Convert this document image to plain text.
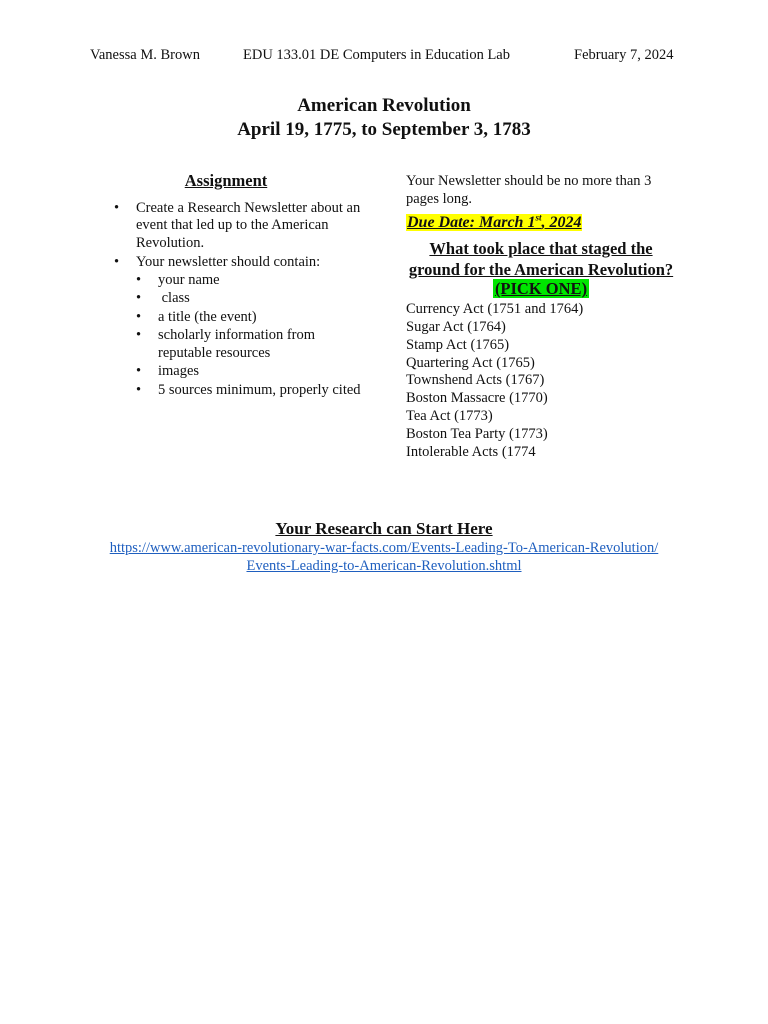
Vanessa M. Brown	EDU 133.01 DE Computers in Education Lab	February 7, 2024
American Revolution
April 19, 1775, to September 3, 1783
Assignment
• Create a Research Newsletter about an event that led up to the American Revolution.
• Your newsletter should contain:
• your name
•  class
• a title (the event)
• scholarly information from reputable resources
• images
• 5 sources minimum, properly cited
Your Newsletter should be no more than 3 pages long.
Due Date: March 1st, 2024
What took place that staged the ground for the American Revolution?
(PICK ONE)
Currency Act (1751 and 1764)
Sugar Act (1764)
Stamp Act (1765)
Quartering Act (1765)
Townshend Acts (1767)
Boston Massacre (1770)
Tea Act (1773)
Boston Tea Party (1773)
Intolerable Acts (1774
Your Research can Start Here
https://www.american-revolutionary-war-facts.com/Events-Leading-To-American-Revolution/
Events-Leading-to-American-Revolution.shtml
